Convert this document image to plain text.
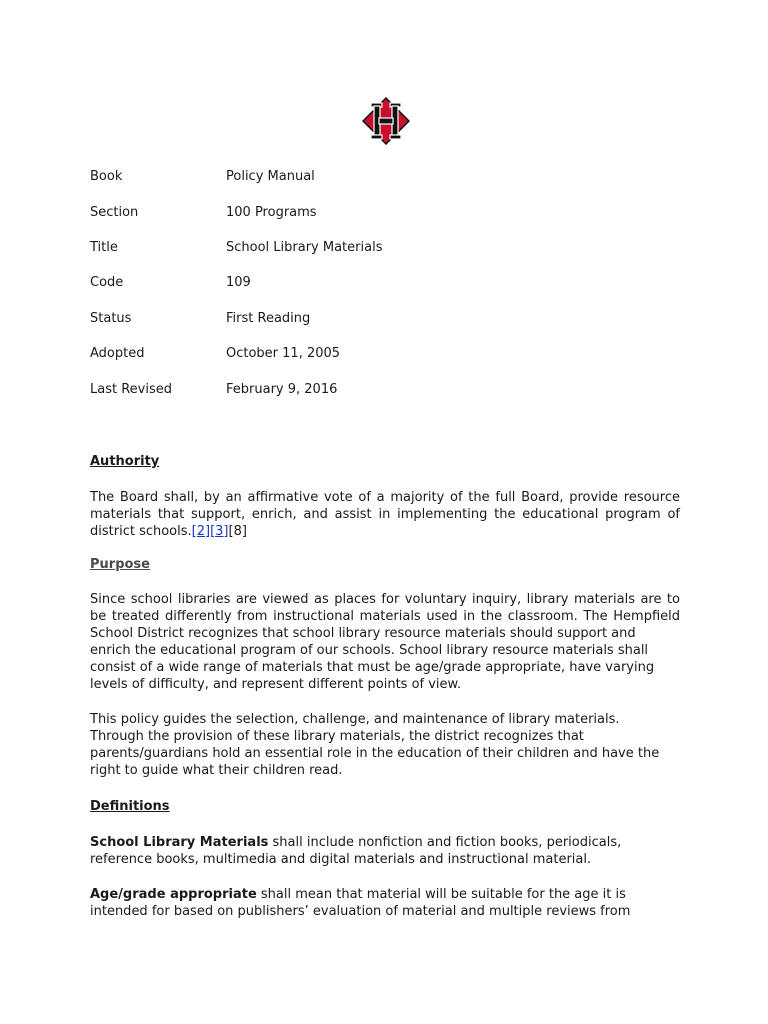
Book	Policy Manual
Section	100 Programs
Title	School Library Materials
Code	109
Status	First Reading
Adopted	October 11, 2005
Last Revised	February 9, 2016
Authority
The Board shall, by an affirmative vote of a majority of the full Board, provide resource
materials that support, enrich, and assist in implementing the educational program of
district schools.[2][3][8]
Purpose
Since school libraries are viewed as places for voluntary inquiry, library materials are to
be treated differently from instructional materials used in the classroom. The Hempfield
School District recognizes that school library resource materials should support and
enrich the educational program of our schools. School library resource materials shall
consist of a wide range of materials that must be age/grade appropriate, have varying
levels of difficulty, and represent different points of view.
This policy guides the selection, challenge, and maintenance of library materials.
Through the provision of these library materials, the district recognizes that
parents/guardians hold an essential role in the education of their children and have the
right to guide what their children read.
Definitions
School Library Materials shall include nonfiction and fiction books, periodicals,
reference books, multimedia and digital materials and instructional material.
Age/grade appropriate shall mean that material will be suitable for the age it is
intended for based on publishers’ evaluation of material and multiple reviews from
